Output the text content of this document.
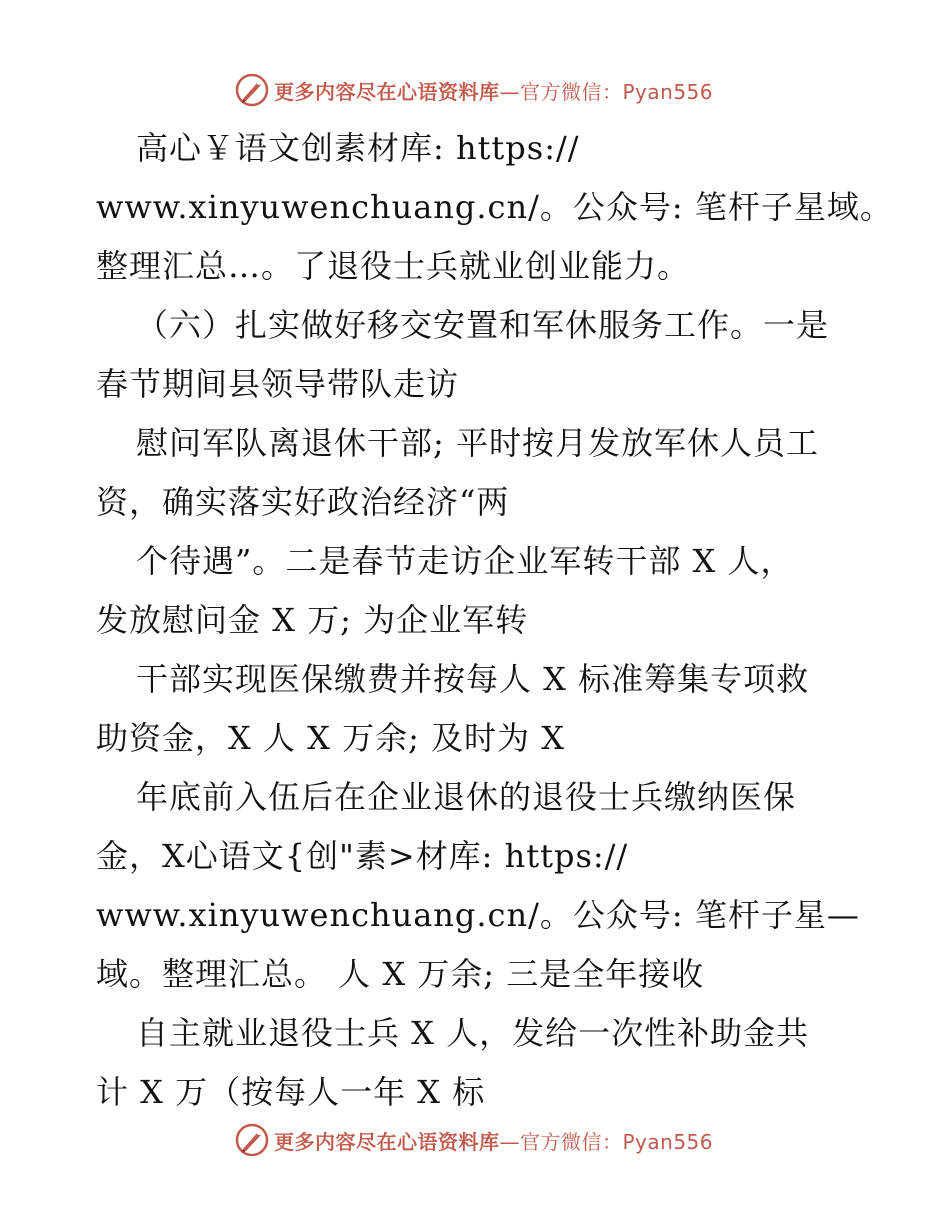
更多内容尽在心语资料库 —官方微信：Pyan556
高心￥语文创素材库: https://
www.xinyuwenchuang.cn/。公众号: 笔杆子星域。
整理汇总…。了退役士兵就业创业能力。
（六）扎实做好移交安置和军休服务工作。一是
春节期间县领导带队走访
慰问军队离退休干部; 平时按月发放军休人员工
资，确实落实好政治经济“两
个待遇”。二是春节走访企业军转干部 X 人，
发放慰问金 X 万; 为企业军转
干部实现医保缴费并按每人 X 标准筹集专项救
助资金，X 人 X 万余; 及时为 X
年底前入伍后在企业退休的退役士兵缴纳医保
金，X心语文{创"素>材库: https://
www.xinyuwenchuang.cn/。公众号: 笔杆子星—
域。整理汇总。 人 X 万余; 三是全年接收
自主就业退役士兵 X 人，发给一次性补助金共
计 X 万（按每人一年 X 标
更多内容尽在心语资料库 —官方微信：Pyan556
